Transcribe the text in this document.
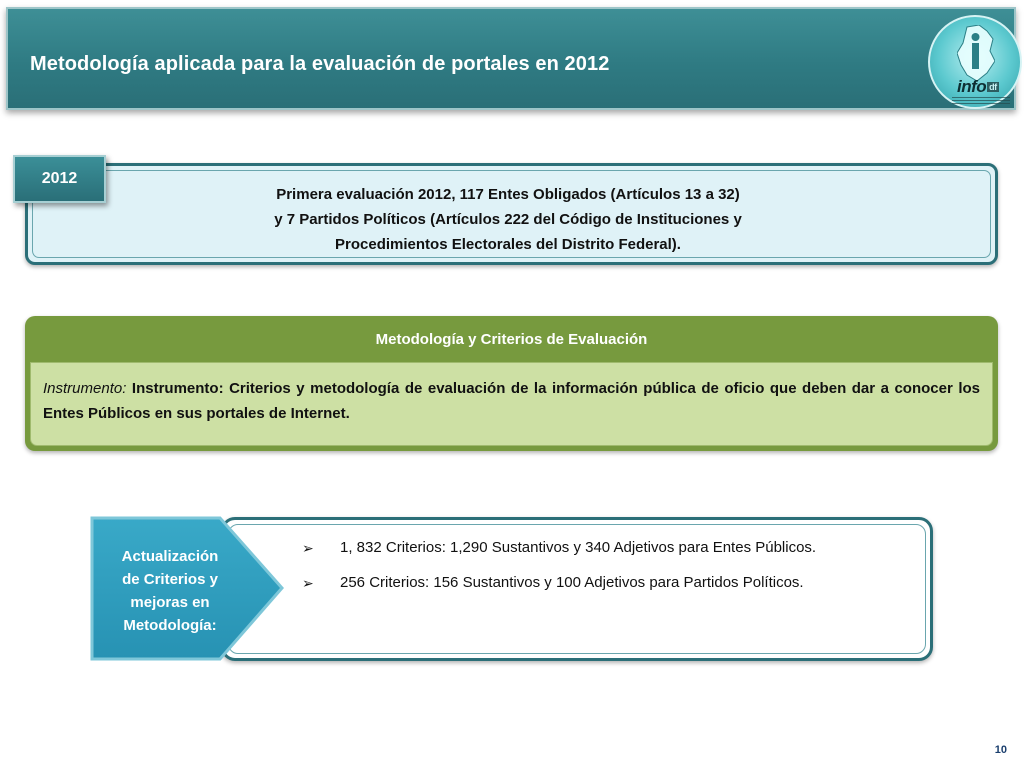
Metodología aplicada para la evaluación de portales en 2012
info df
Primera evaluación 2012, 117 Entes Obligados (Artículos 13 a 32)
y 7 Partidos Políticos (Artículos 222 del Código de Instituciones y
Procedimientos Electorales del Distrito Federal).
2012
Metodología y Criterios de Evaluación
Instrumento: Instrumento: Criterios y metodología de evaluación de la información pública de oficio que deben dar a conocer los Entes Públicos en sus portales de Internet.
Actualización
de Criterios y
mejoras en
Metodología:
➢ 1, 832 Criterios: 1,290 Sustantivos y 340 Adjetivos para Entes Públicos.
➢ 256 Criterios: 156 Sustantivos y 100 Adjetivos para Partidos Políticos.
10
